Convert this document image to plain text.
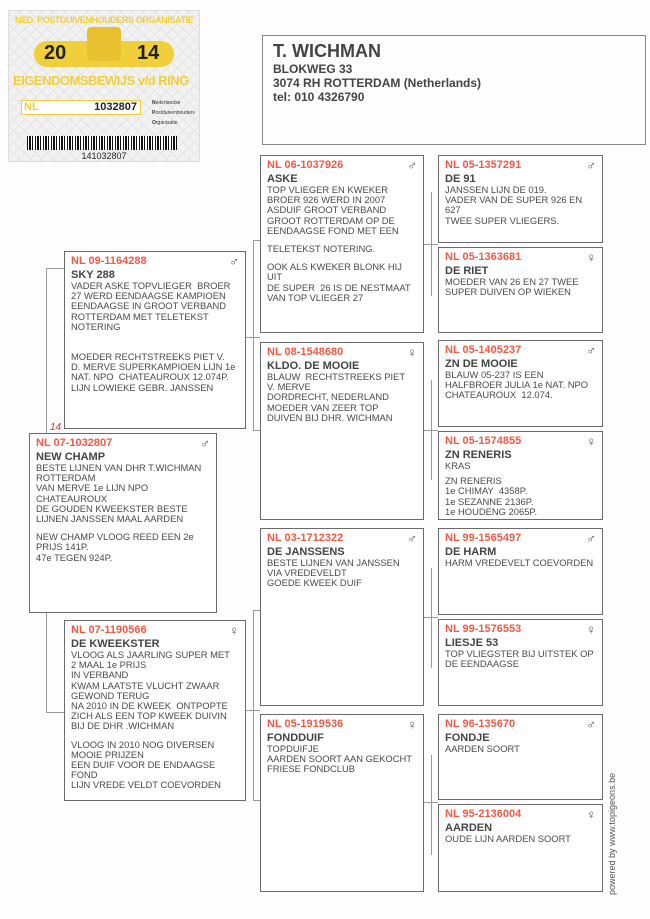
NED. POSTDUIVENHOUDERS ORGANISATIE
20	14
EIGENDOMSBEWIJS v/d RING
NL	1032807	Nederlandse
Postduivenhouders
Organisatie
141032807
T. WICHMAN
BLOKWEG 33
3074 RH ROTTERDAM (Netherlands)
tel: 010 4326790
14
NL 07-1032807	♂
NEW CHAMP
BESTE LIJNEN VAN DHR T.WICHMAN
ROTTERDAM
VAN MERVE 1e LIJN NPO
CHATEAUROUX
DE GOUDEN KWEEKSTER BESTE
LIJNEN JANSSEN MAAL AARDEN
NEW CHAMP VLOOG REED EEN 2e
PRIJS 141P.
47e TEGEN 924P.
NL 09-1164288	♂
SKY 288
VADER ASKE TOPVLIEGER  BROER
27 WERD EENDAAGSE KAMPIOEN
EENDAAGSE IN GROOT VERBAND
ROTTERDAM MET TELETEKST
NOTERING
MOEDER RECHTSTREEKS PIET V.
D. MERVE SUPERKAMPIOEN LIJN 1e
NAT. NPO  CHATEAUROUX 12.074P.
LIJN LOWIEKE GEBR. JANSSEN
NL 07-1190566	♀
DE KWEEKSTER
VLOOG ALS JAARLING SUPER MET
2 MAAL 1e PRIJS
IN VERBAND
KWAM LAATSTE VLUCHT ZWAAR
GEWOND TERUG
NA 2010 IN DE KWEEK  ONTPOPTE
ZICH ALS EEN TOP KWEEK DUIVIN
BIJ DE DHR .WICHMAN
VLOOG IN 2010 NOG DIVERSEN
MOOIE PRIJZEN
EEN DUIF VOOR DE ENDAAGSE
FOND
LIJN VREDE VELDT COEVORDEN
NL 06-1037926	♂
ASKE
TOP VLIEGER EN KWEKER
BROER 926 WERD IN 2007
ASDUIF GROOT VERBAND
GROOT ROTTERDAM OP DE
EENDAAGSE FOND MET EEN
TELETEKST NOTERING.
OOK ALS KWEKER BLONK HIJ
UIT
DE SUPER  26 IS DE NESTMAAT
VAN TOP VLIEGER 27
NL 08-1548680	♀
KLDO. DE MOOIE
BLAUW  RECHTSTREEKS PIET
V. MERVE
DORDRECHT, NEDERLAND
MOEDER VAN ZEER TOP
DUIVEN BIJ DHR. WICHMAN
NL 03-1712322	♂
DE JANSSENS
BESTE LIJNEN VAN JANSSEN
VIA VREDEVELDT
GOEDE KWEEK DUIF
NL 05-1919536	♀
FONDDUIF
TOPDUIFJE
AARDEN SOORT AAN GEKOCHT
FRIESE FONDCLUB
NL 05-1357291	♂
DE 91
JANSSEN LIJN DE 019.
VADER VAN DE SUPER 926 EN
627
TWEE SUPER VLIEGERS.
NL 05-1363681	♀
DE RIET
MOEDER VAN 26 EN 27 TWEE
SUPER DUIVEN OP WIEKEN
NL 05-1405237	♂
ZN DE MOOIE
BLAUW 05-237 IS EEN
HALFBROER JULIA 1e NAT. NPO
CHATEAUROUX  12.074.
NL 05-1574855	♀
ZN RENERIS
KRAS
ZN RENERIS
1e CHIMAY  4358P.
1e SEZANNE 2136P.
1e HOUDENG 2065P.
NL 99-1565497	♂
DE HARM
HARM VREDEVELT COEVORDEN
NL 99-1576553	♀
LIESJE 53
TOP VLIEGSTER BIJ UITSTEK OP
DE EENDAAGSE
NL 96-135670	♂
FONDJE
AARDEN SOORT
NL 95-2136004	♀
AARDEN
OUDE LIJN AARDEN SOORT	powered by www.topigeons.be
